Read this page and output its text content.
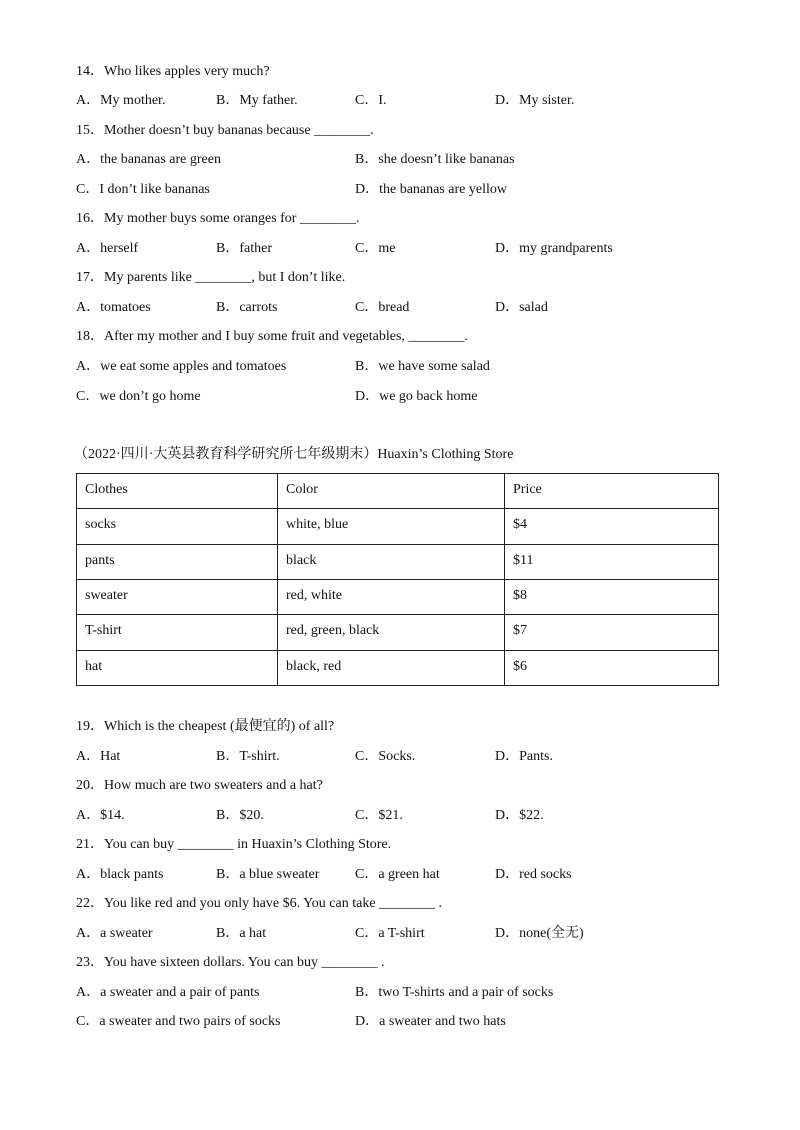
14．Who likes apples very much?
A．My mother.	B．My father.	C．I.	D．My sister.
15．Mother doesn’t buy bananas because ________.
A．the bananas are green	B．she doesn’t like bananas
C．I don’t like bananas	D．the bananas are yellow
16．My mother buys some oranges for ________.
A．herself	B．father	C．me	D．my grandparents
17．My parents like ________, but I don’t like.
A．tomatoes	B．carrots	C．bread	D．salad
18．After my mother and I buy some fruit and vegetables, ________.
A．we eat some apples and tomatoes	B．we have some salad
C．we don’t go home	D．we go back home
（2022·四川·大英县教育科学研究所七年级期末）Huaxin’s Clothing Store
Clothes	Color	Price
socks	white, blue	$4
pants	black	$11
sweater	red, white	$8
T-shirt	red, green, black	$7
hat	black, red	$6
19．Which is the cheapest (最便宜的) of all?
A．Hat	B．T-shirt.	C．Socks.	D．Pants.
20．How much are two sweaters and a hat?
A．$14.	B．$20.	C．$21.	D．$22.
21．You can buy ________ in Huaxin’s Clothing Store.
A．black pants	B．a blue sweater	C．a green hat	D．red socks
22．You like red and you only have $6. You can take ________ .
A．a sweater	B．a hat	C．a T-shirt	D．none(全无)
23．You have sixteen dollars. You can buy ________ .
A．a sweater and a pair of pants	B．two T-shirts and a pair of socks
C．a sweater and two pairs of socks	D．a sweater and two hats
